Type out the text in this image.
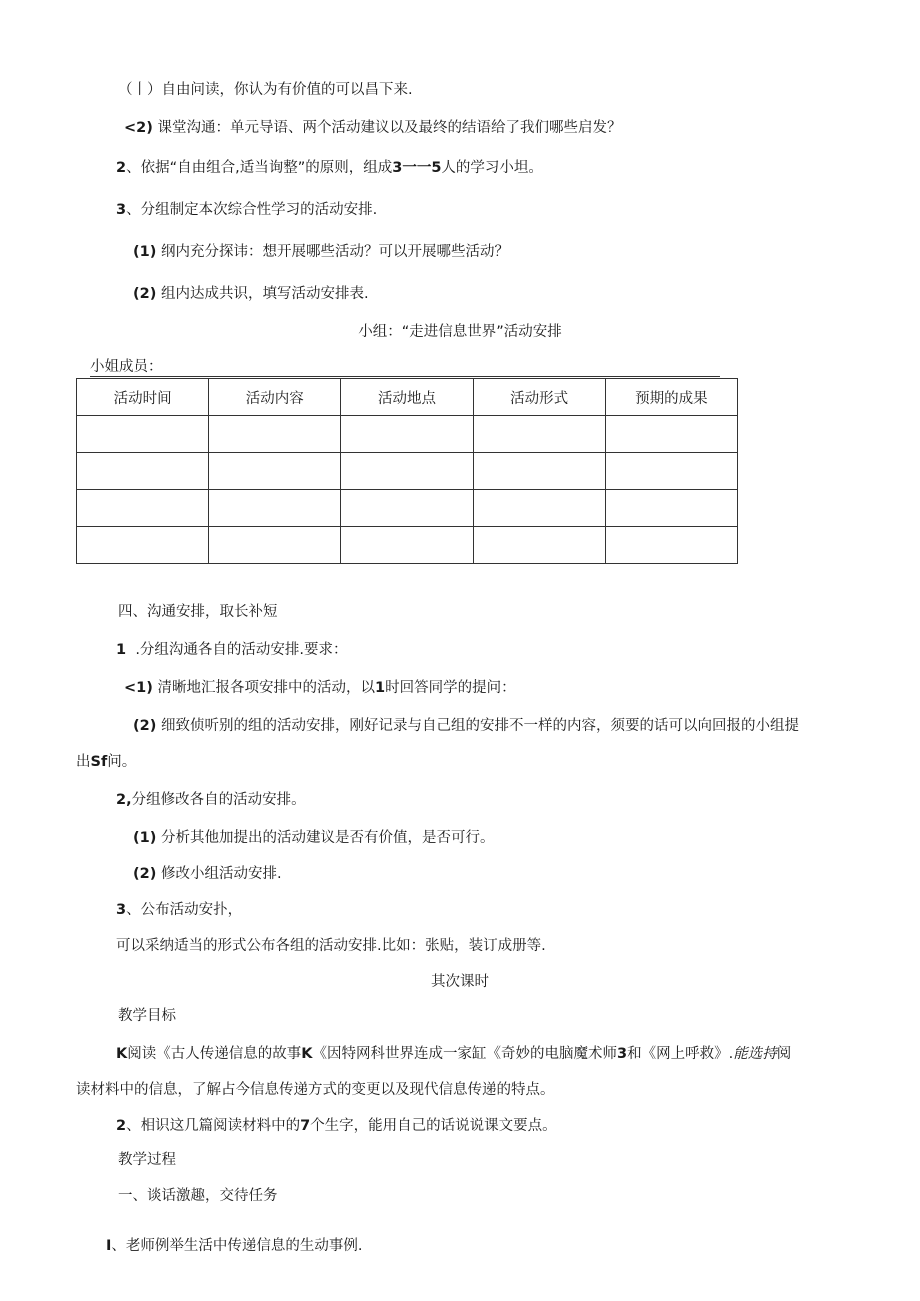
（丨）自由问读，你认为有价值的可以昌下来.
<2) 课堂沟通：单元导语、两个活动建议以及最终的结语给了我们哪些启发？
2、依据“自由组合,适当询整”的原则，组成3一一5人的学习小坦。
3、分组制定本次综合性学习的活动安排.
(1) 纲内充分探讳：想开展哪些活动？可以开展哪些活动？
(2) 组内达成共识，填写活动安排表.
小组：“走进信息世界”活动安排
小姐成员：
活动时间	活动内容	活动地点	活动形式	预期的成果

四、沟通安排，取长补短
1 .分组沟通各自的活动安排.要求：
<1) 清晰地汇报各项安排中的活动，以1时回答同学的提问：
(2) 细致侦听别的组的活动安排，刚好记录与自己组的安排不一样的内容，须要的话可以向回报的小组提
出Sf问。
2,分组修改各自的活动安排。
(1) 分析其他加提出的活动建议是否有价值，是否可行。
(2) 修改小组活动安排.
3、公布活动安扑，
可以采纳适当的形式公布各组的活动安排.比如：张贴，装订成册等.
其次课时
教学目标
K阅读《古人传递信息的故事K《因特网科世界连成一家缸《奇妙的电脑魔术师3和《网上呼救》.能选持阅
读材料中的信息，了解占今信息传递方式的变更以及现代信息传递的特点。
2、相识这几篇阅读材料中的7个生字，能用自己的话说说课文要点。
教学过程
一、谈话激趣，交待任务
I、老师例举生活中传递信息的生动事例.
